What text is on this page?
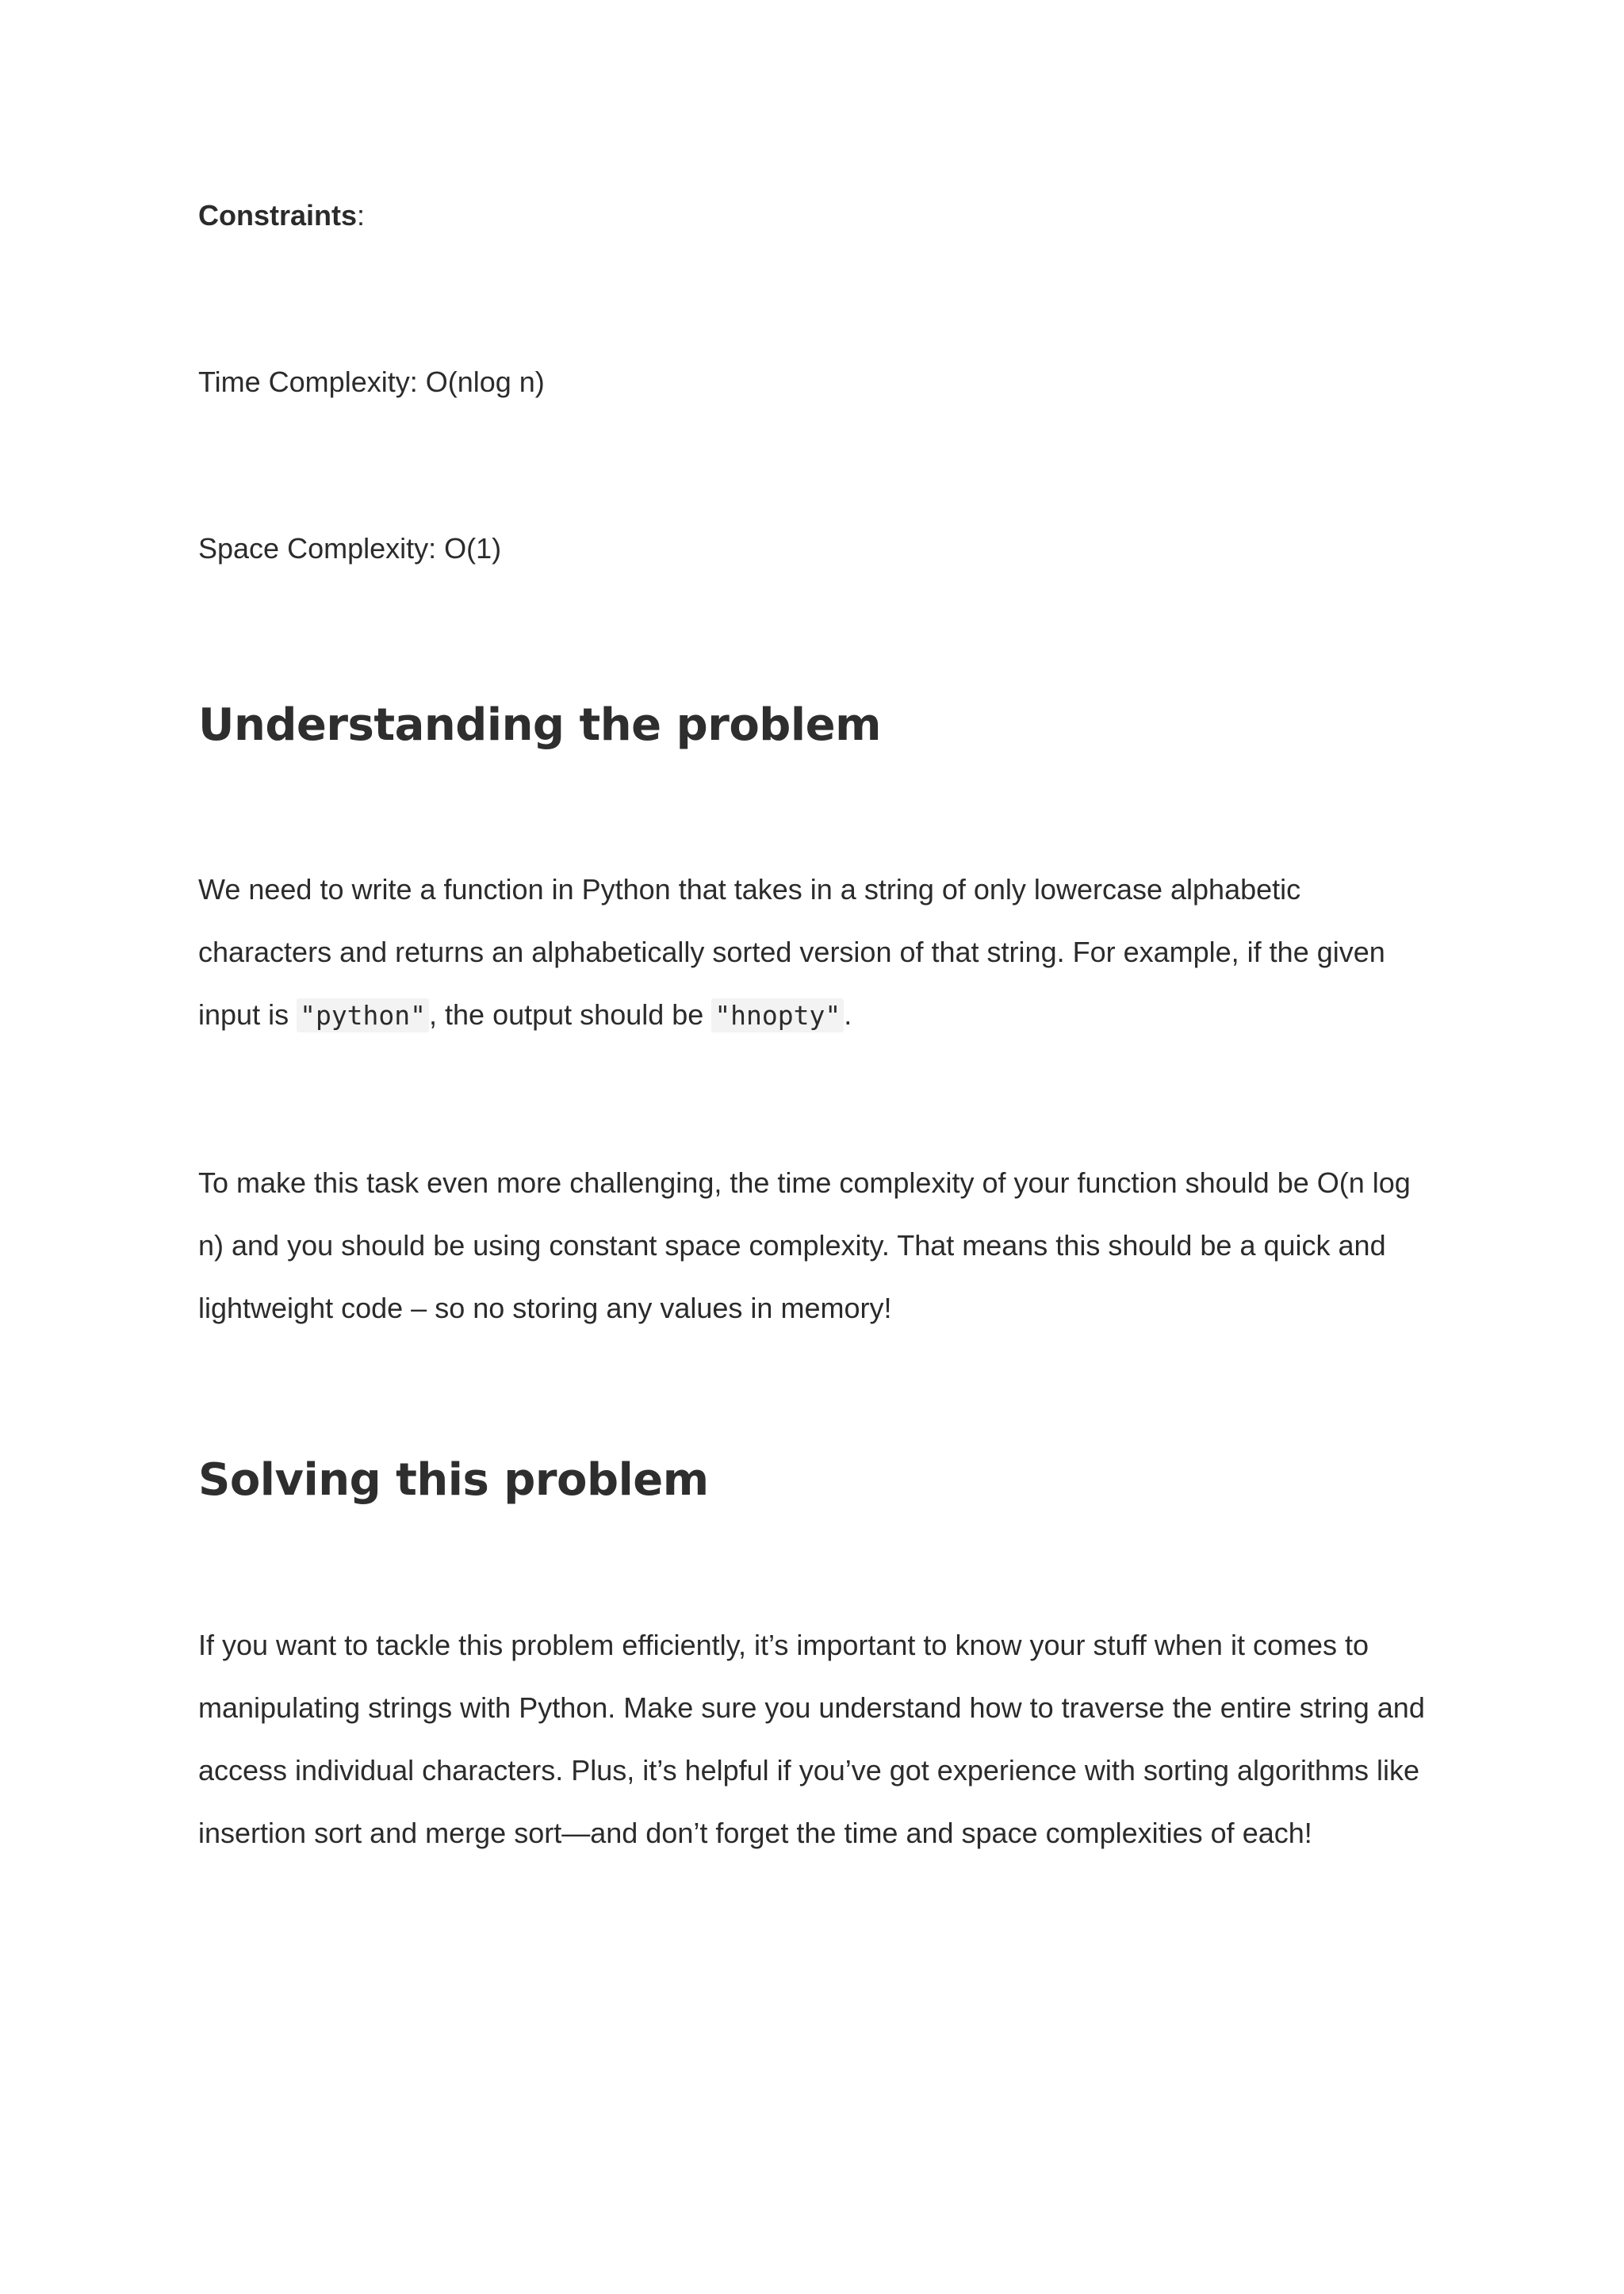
Constraints:

Time Complexity: O(nlog n)

Space Complexity: O(1)

Understanding the problem

We need to write a function in Python that takes in a string of only lowercase alphabetic characters and returns an alphabetically sorted version of that string. For example, if the given input is "python" , the output should be "hnopty" .

To make this task even more challenging, the time complexity of your function should be O(n log n) and you should be using constant space complexity. That means this should be a quick and lightweight code – so no storing any values in memory!

Solving this problem

If you want to tackle this problem efficiently, it’s important to know your stuff when it comes to manipulating strings with Python. Make sure you understand how to traverse the entire string and access individual characters. Plus, it’s helpful if you’ve got experience with sorting algorithms like insertion sort and merge sort—and don’t forget the time and space complexities of each!
